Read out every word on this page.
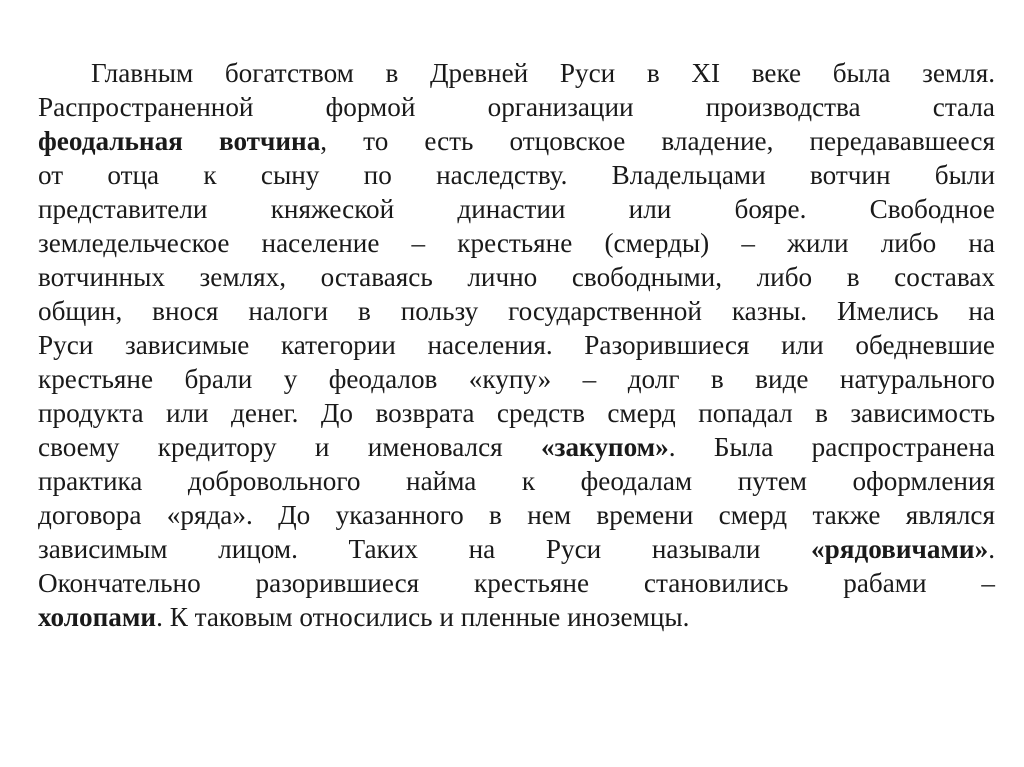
Главным богатством в Древней Руси в XI веке была земля.
Распространенной формой организации производства стала
феодальная вотчина, то есть отцовское владение, передававшееся
от отца к сыну по наследству. Владельцами вотчин были
представители княжеской династии или бояре. Свободное
земледельческое население – крестьяне (смерды) – жили либо на
вотчинных землях, оставаясь лично свободными, либо в составах
общин, внося налоги в пользу государственной казны. Имелись на
Руси зависимые категории населения. Разорившиеся или обедневшие
крестьяне брали у феодалов «купу» – долг в виде натурального
продукта или денег. До возврата средств смерд попадал в зависимость
своему кредитору и именовался «закупом». Была распространена
практика добровольного найма к феодалам путем оформления
договора «ряда». До указанного в нем времени смерд также являлся
зависимым лицом. Таких на Руси называли «рядовичами».
Окончательно разорившиеся крестьяне становились рабами –
холопами. К таковым относились и пленные иноземцы.
